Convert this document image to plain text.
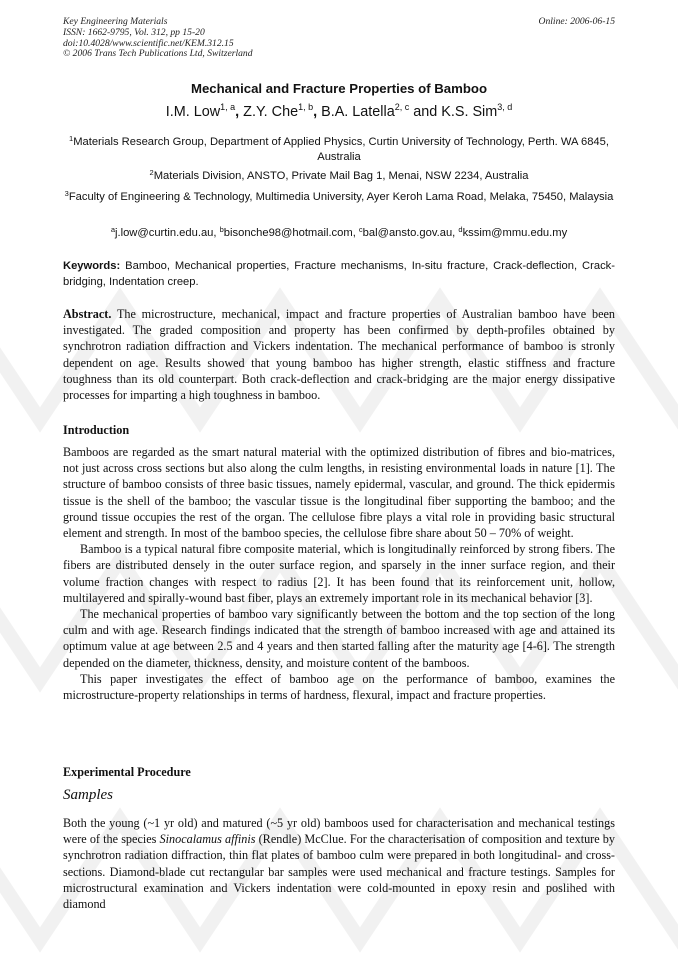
Key Engineering Materials
ISSN: 1662-9795, Vol. 312, pp 15-20
doi:10.4028/www.scientific.net/KEM.312.15
© 2006 Trans Tech Publications Ltd, Switzerland
Online: 2006-06-15
Mechanical and Fracture Properties of Bamboo
I.M. Low$^{1, a}$, Z.Y. Che$^{1, b}$, B.A. Latella$^{2, c}$ and K.S. Sim$^{3, d}$
$^1$Materials Research Group, Department of Applied Physics, Curtin University of Technology, Perth. WA 6845, Australia
$^2$Materials Division, ANSTO, Private Mail Bag 1, Menai, NSW 2234, Australia
$^3$Faculty of Engineering & Technology, Multimedia University, Ayer Keroh Lama Road, Melaka, 75450, Malaysia
$^a$j.low@curtin.edu.au, $^b$bisonche98@hotmail.com, $^c$bal@ansto.gov.au, $^d$kssim@mmu.edu.my
Keywords: Bamboo, Mechanical properties, Fracture mechanisms, In-situ fracture, Crack-deflection, Crack-bridging, Indentation creep.

Abstract. The microstructure, mechanical, impact and fracture properties of Australian bamboo have been investigated. The graded composition and property has been confirmed by depth-profiles obtained by synchrotron radiation diffraction and Vickers indentation. The mechanical performance of bamboo is stronly dependent on age. Results showed that young bamboo has higher strength, elastic stiffness and fracture toughness than its old counterpart. Both crack-deflection and crack-bridging are the major energy dissipative processes for imparting a high toughness in bamboo.

Introduction

Bamboos are regarded as the smart natural material with the optimized distribution of fibres and bio-matrices, not just across cross sections but also along the culm lengths, in resisting environmental loads in nature [1]. The structure of bamboo consists of three basic tissues, namely epidermal, vascular, and ground. The thick epidermis tissue is the shell of the bamboo; the vascular tissue is the longitudinal fiber supporting the bamboo; and the ground tissue occupies the rest of the organ. The cellulose fibre plays a vital role in providing basic structural element and strength. In most of the bamboo species, the cellulose fibre share about 50 – 70% of weight.

Bamboo is a typical natural fibre composite material, which is longitudinally reinforced by strong fibers. The fibers are distributed densely in the outer surface region, and sparsely in the inner surface region, and their volume fraction changes with respect to radius [2]. It has been found that its reinforcement unit, hollow, multilayered and spirally-wound bast fiber, plays an extremely important role in its mechanical behavior [3].

The mechanical properties of bamboo vary significantly between the bottom and the top section of the long culm and with age. Research findings indicated that the strength of bamboo increased with age and attained its optimum value at age between 2.5 and 4 years and then started falling after the maturity age [4-6]. The strength depended on the diameter, thickness, density, and moisture content of the bamboos.

This paper investigates the effect of bamboo age on the performance of bamboo, examines the microstructure-property relationships in terms of hardness, flexural, impact and fracture properties.

Experimental Procedure
Samples

Both the young (~1 yr old) and matured (~5 yr old) bamboos used for characterisation and mechanical testings were of the species Sinocalamus affinis (Rendle) McClue. For the characterisation of composition and texture by synchrotron radiation diffraction, thin flat plates of bamboo culm were prepared in both longitudinal- and cross-sections. Diamond-blade cut rectangular bar samples were used mechanical and fracture testings. Samples for microstructural examination and Vickers indentation were cold-mounted in epoxy resin and poslihed with diamond
